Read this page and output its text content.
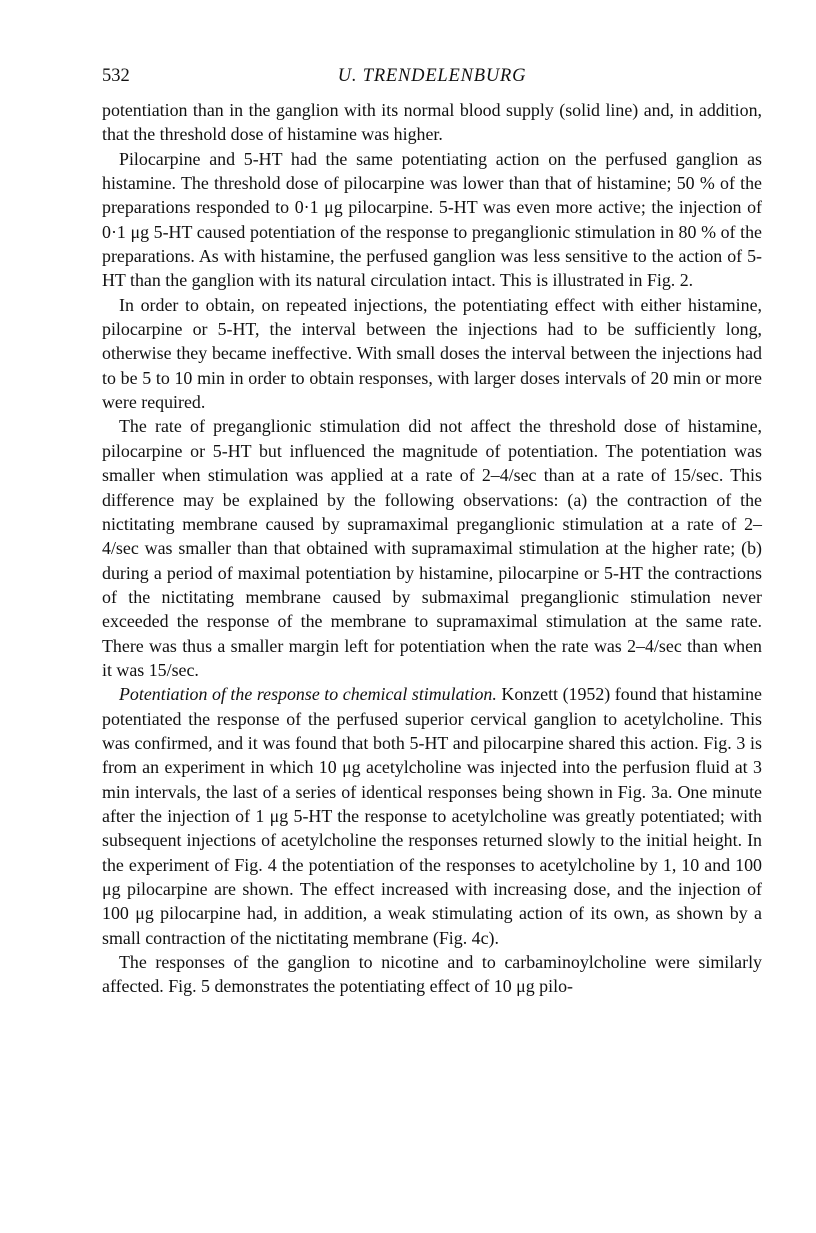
532	U. TRENDELENBURG

potentiation than in the ganglion with its normal blood supply (solid line) and, in addition, that the threshold dose of histamine was higher.

Pilocarpine and 5-HT had the same potentiating action on the perfused ganglion as histamine. The threshold dose of pilocarpine was lower than that of histamine; 50 % of the preparations responded to 0·1 μg pilocarpine. 5-HT was even more active; the injection of 0·1 μg 5-HT caused potentiation of the response to preganglionic stimulation in 80 % of the preparations. As with histamine, the perfused ganglion was less sensitive to the action of 5-HT than the ganglion with its natural circulation intact. This is illustrated in Fig. 2.

In order to obtain, on repeated injections, the potentiating effect with either histamine, pilocarpine or 5-HT, the interval between the injections had to be sufficiently long, otherwise they became ineffective. With small doses the interval between the injections had to be 5 to 10 min in order to obtain responses, with larger doses intervals of 20 min or more were required.

The rate of preganglionic stimulation did not affect the threshold dose of histamine, pilocarpine or 5-HT but influenced the magnitude of potentiation. The potentiation was smaller when stimulation was applied at a rate of 2–4/sec than at a rate of 15/sec. This difference may be explained by the following observations: (a) the contraction of the nictitating membrane caused by supramaximal preganglionic stimulation at a rate of 2–4/sec was smaller than that obtained with supramaximal stimulation at the higher rate; (b) during a period of maximal potentiation by histamine, pilocarpine or 5-HT the contractions of the nictitating membrane caused by submaximal preganglionic stimulation never exceeded the response of the membrane to supramaximal stimulation at the same rate. There was thus a smaller margin left for potentiation when the rate was 2–4/sec than when it was 15/sec.

Potentiation of the response to chemical stimulation. Konzett (1952) found that histamine potentiated the response of the perfused superior cervical ganglion to acetylcholine. This was confirmed, and it was found that both 5-HT and pilocarpine shared this action. Fig. 3 is from an experiment in which 10 μg acetylcholine was injected into the perfusion fluid at 3 min intervals, the last of a series of identical responses being shown in Fig. 3a. One minute after the injection of 1 μg 5-HT the response to acetylcholine was greatly potentiated; with subsequent injections of acetylcholine the responses returned slowly to the initial height. In the experiment of Fig. 4 the potentiation of the responses to acetylcholine by 1, 10 and 100 μg pilocarpine are shown. The effect increased with increasing dose, and the injection of 100 μg pilocarpine had, in addition, a weak stimulating action of its own, as shown by a small contraction of the nictitating membrane (Fig. 4c).

The responses of the ganglion to nicotine and to carbaminoylcholine were similarly affected. Fig. 5 demonstrates the potentiating effect of 10 μg pilo-
